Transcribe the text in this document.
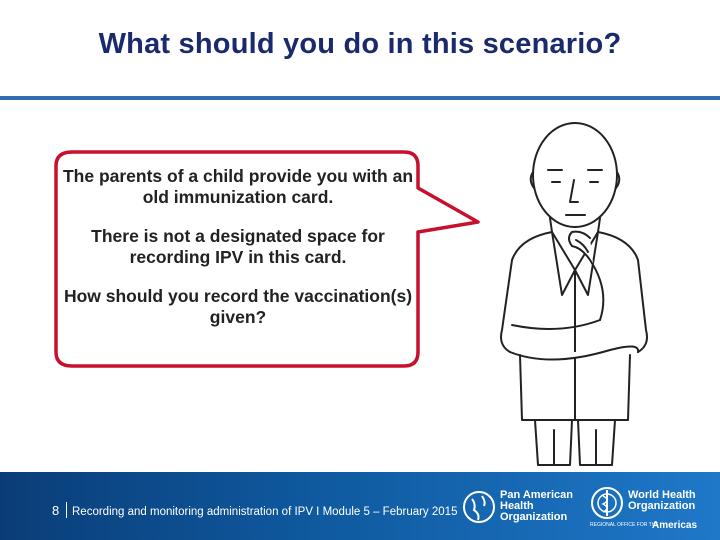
What should you do in this scenario?

The parents of a child provide you with an old immunization card.

There is not a designated space for recording IPV in this card.

How should you record the vaccination(s) given?

8 Recording and monitoring administration of IPV I Module 5 – February 2015
Pan American
Health
Organization
World Health
Organization
REGIONAL OFFICE FOR THE
Americas
